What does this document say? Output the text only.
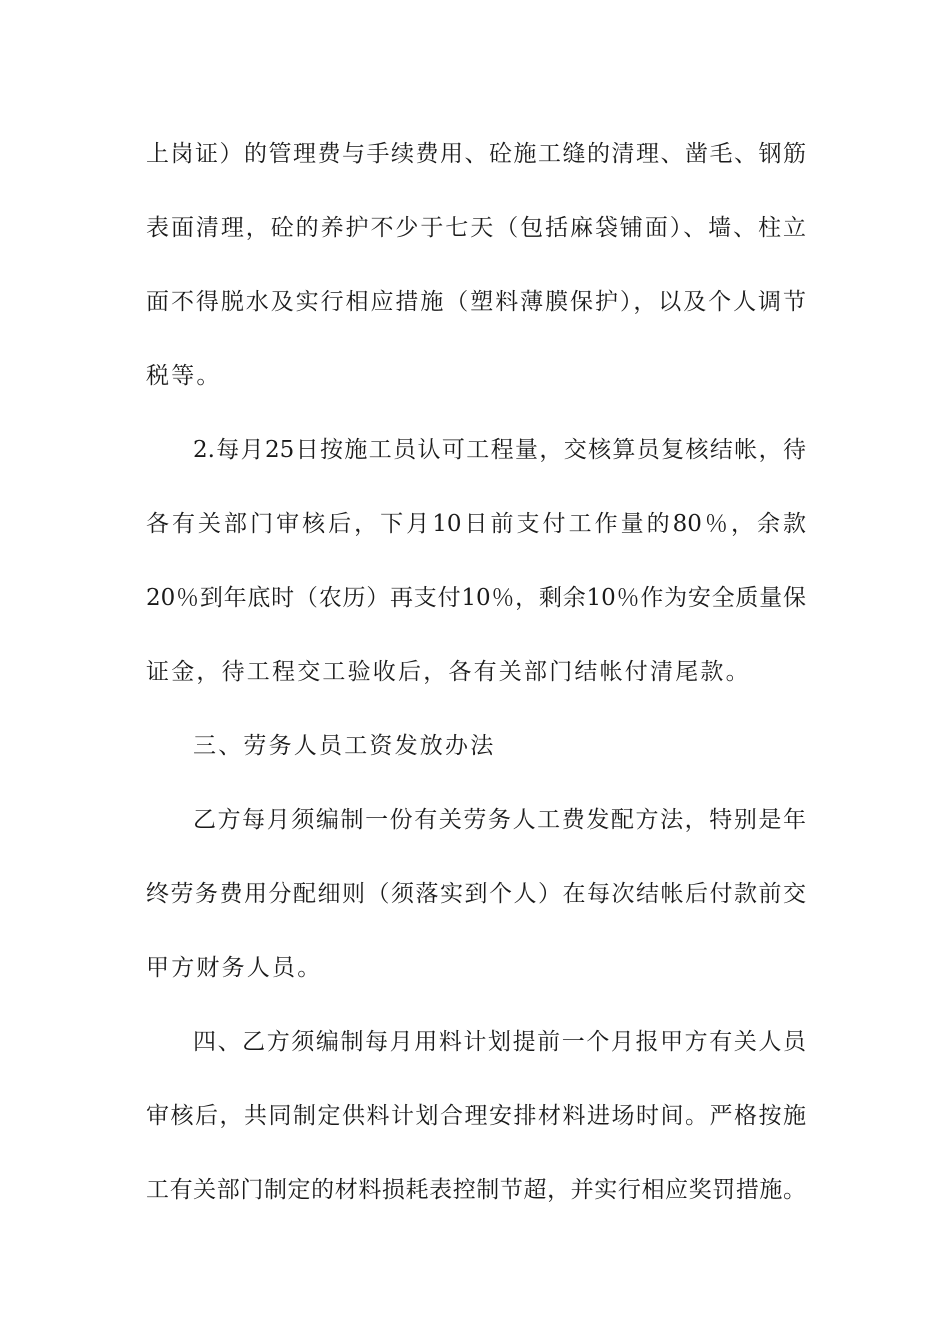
上岗证）的管理费与手续费用、砼施工缝的清理、凿毛、钢筋
表面清理，砼的养护不少于七天（包括麻袋铺面）、墙、柱立
面不得脱水及实行相应措施（塑料薄膜保护），以及个人调节
税等。
2.每月25日按施工员认可工程量，交核算员复核结帐，待
各有关部门审核后，下月10日前支付工作量的80％，余款
20％到年底时（农历）再支付10％，剩余10％作为安全质量保
证金，待工程交工验收后，各有关部门结帐付清尾款。
三、劳务人员工资发放办法
乙方每月须编制一份有关劳务人工费发配方法，特别是年
终劳务费用分配细则（须落实到个人）在每次结帐后付款前交
甲方财务人员。
四、乙方须编制每月用料计划提前一个月报甲方有关人员
审核后，共同制定供料计划合理安排材料进场时间。严格按施
工有关部门制定的材料损耗表控制节超，并实行相应奖罚措施。
